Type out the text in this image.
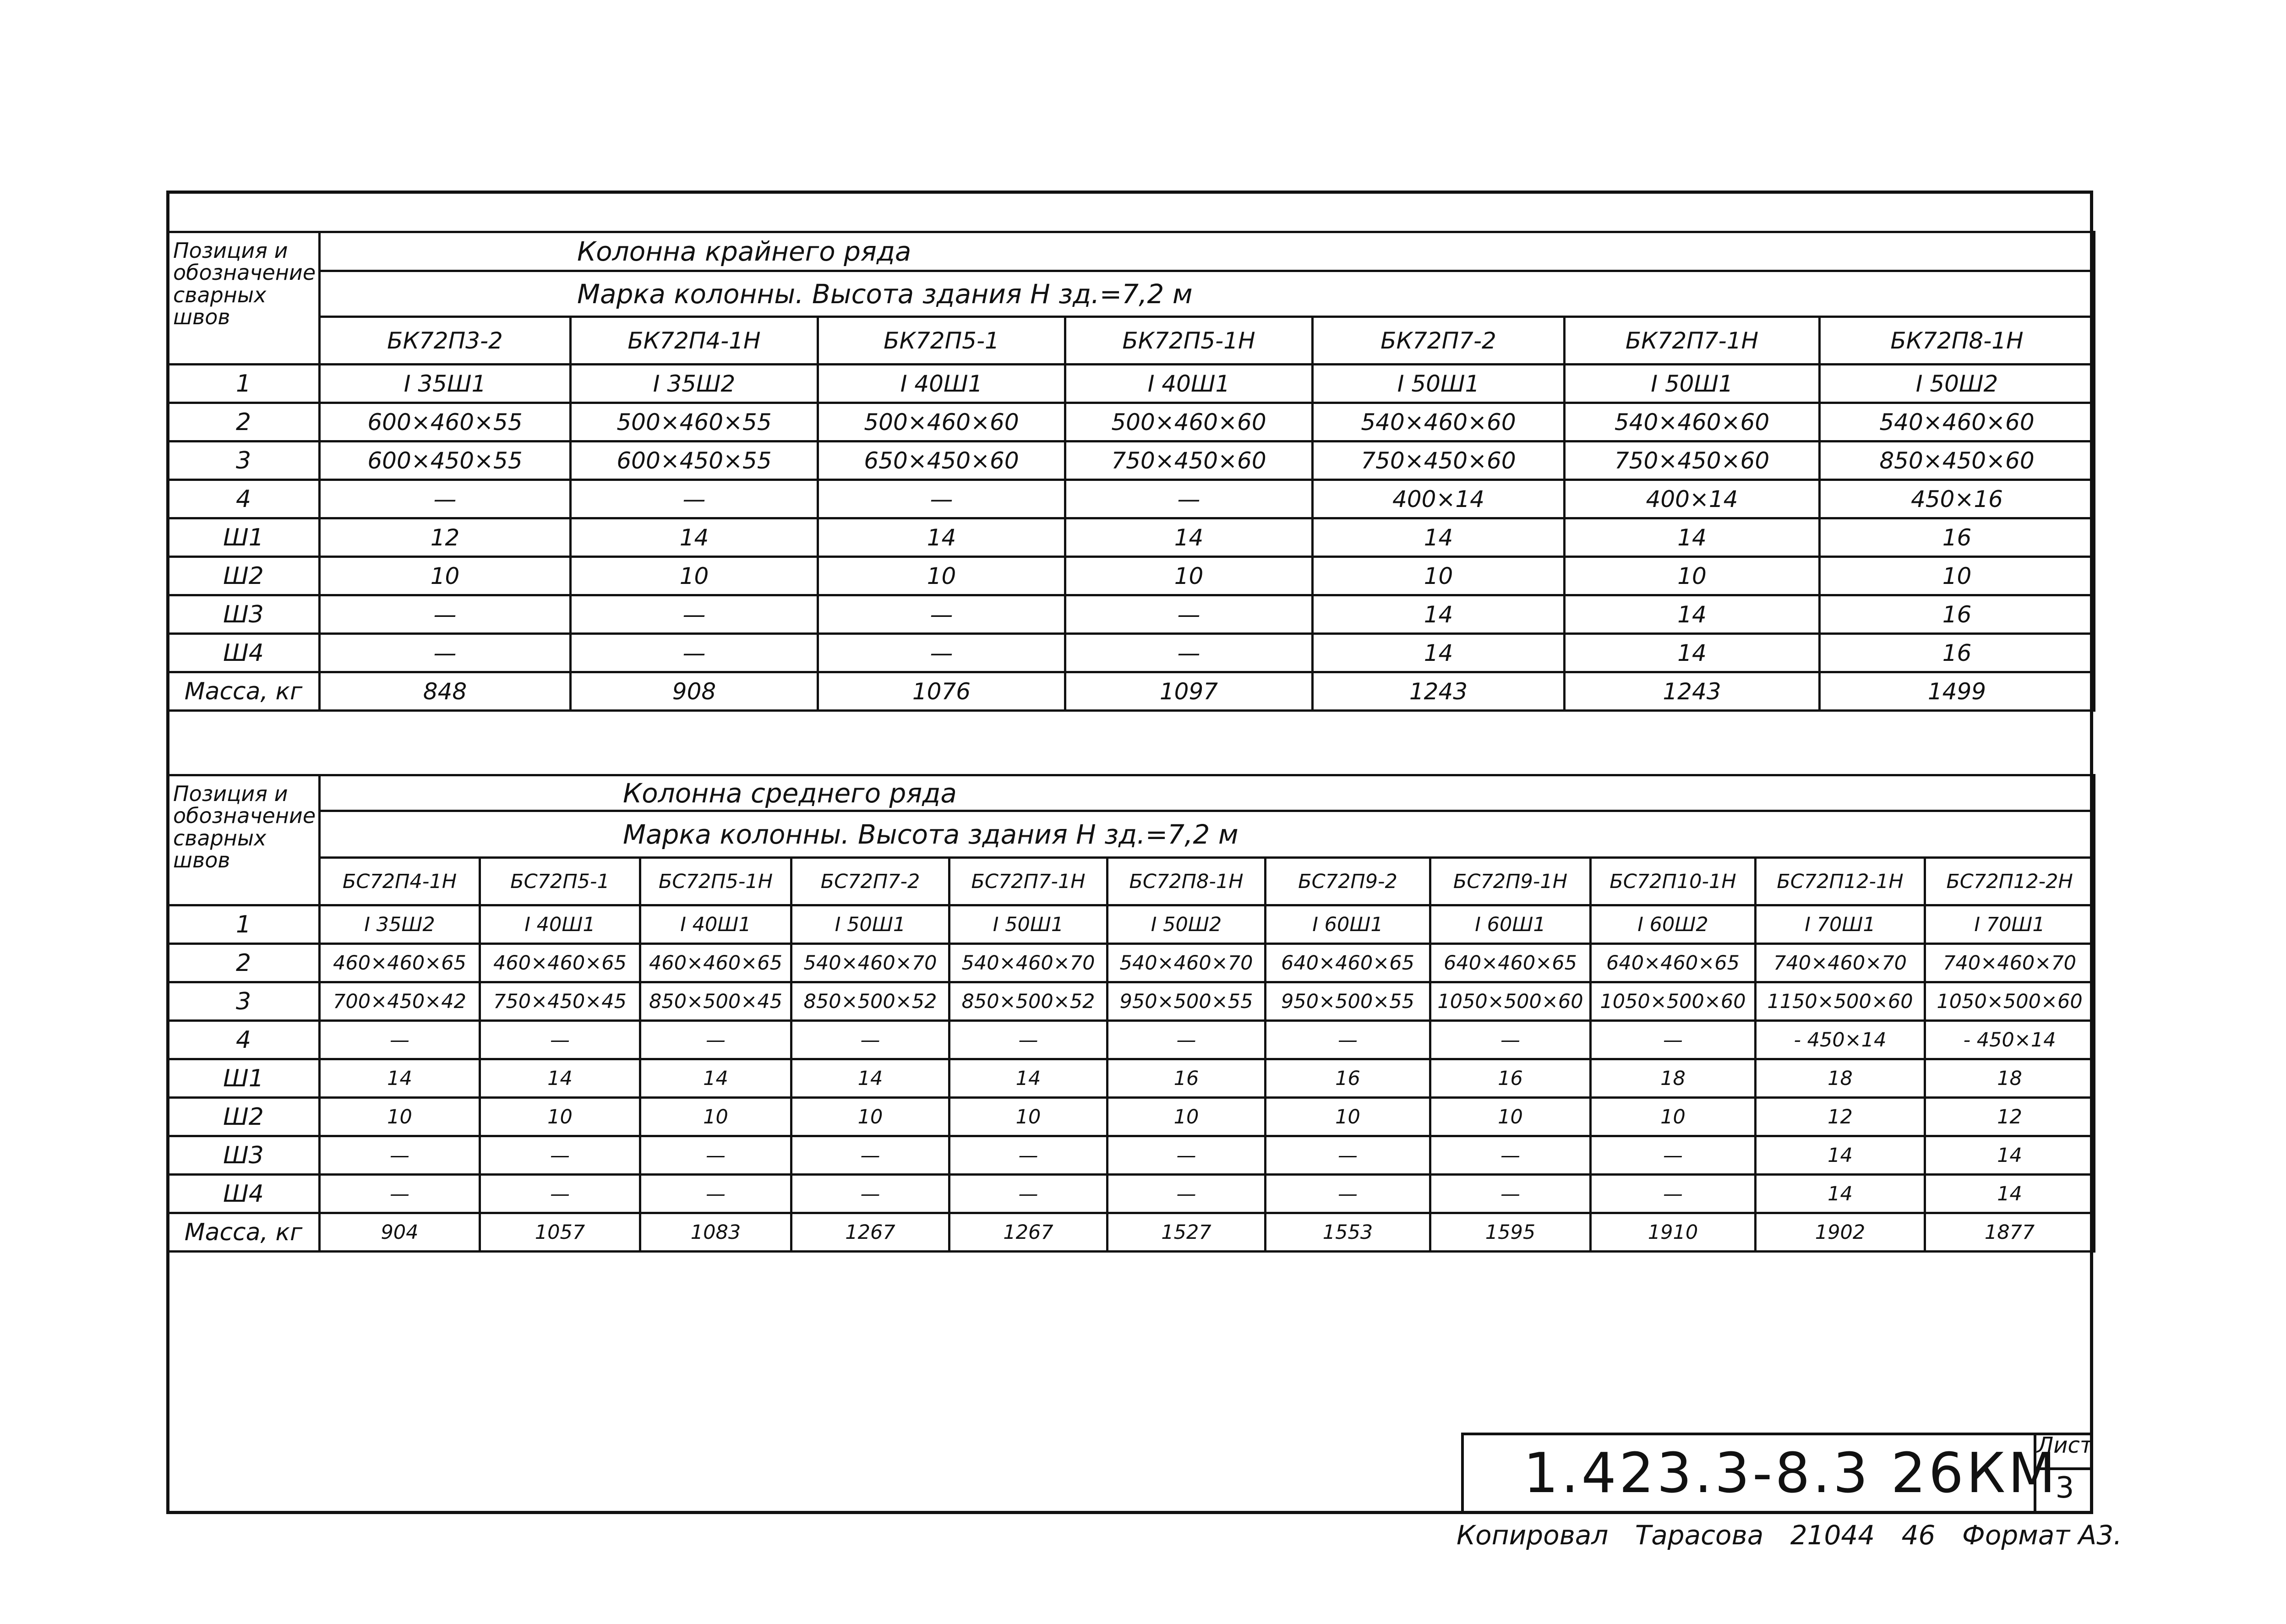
Позиция и обозначение сварных швов	Колонна крайнего ряда						
	Марка колонны. Высота здания Н зд.=7,2 м						
	БК72П3-2	БК72П4-1Н	БК72П5-1	БК72П5-1Н	БК72П7-2	БК72П7-1Н	БК72П8-1Н
1	I 35Ш1	I 35Ш2	I 40Ш1	I 40Ш1	I 50Ш1	I 50Ш1	I 50Ш2
2	600×460×55	500×460×55	500×460×60	500×460×60	540×460×60	540×460×60	540×460×60
3	600×450×55	600×450×55	650×450×60	750×450×60	750×450×60	750×450×60	850×450×60
4	—	—	—	—	400×14	400×14	450×16
Ш1	12	14	14	14	14	14	16
Ш2	10	10	10	10	10	10	10
Ш3	—	—	—	—	14	14	16
Ш4	—	—	—	—	14	14	16
Масса, кг	848	908	1076	1097	1243	1243	1499
Позиция и обозначение сварных швов	Колонна среднего ряда										
	Марка колонны. Высота здания Н зд.=7,2 м										
	БС72П4-1Н	БС72П5-1	БС72П5-1Н	БС72П7-2	БС72П7-1Н	БС72П8-1Н	БС72П9-2	БС72П9-1Н	БС72П10-1Н	БС72П12-1Н	БС72П12-2Н
1	I 35Ш2	I 40Ш1	I 40Ш1	I 50Ш1	I 50Ш1	I 50Ш2	I 60Ш1	I 60Ш1	I 60Ш2	I 70Ш1	I 70Ш1
2	460×460×65	460×460×65	460×460×65	540×460×70	540×460×70	540×460×70	640×460×65	640×460×65	640×460×65	740×460×70	740×460×70
3	700×450×42	750×450×45	850×500×45	850×500×52	850×500×52	950×500×55	950×500×55	1050×500×60	1050×500×60	1150×500×60	1050×500×60
4	—	—	—	—	—	—	—	—	—	- 450×14	- 450×14
Ш1	14	14	14	14	14	16	16	16	18	18	18
Ш2	10	10	10	10	10	10	10	10	10	12	12
Ш3	—	—	—	—	—	—	—	—	—	14	14
Ш4	—	—	—	—	—	—	—	—	—	14	14
Масса, кг	904	1057	1083	1267	1267	1527	1553	1595	1910	1902	1877
1.423.3-8.3 26КМ
Лист
3
Копировал Тарасова 21044 46 Формат А3.
